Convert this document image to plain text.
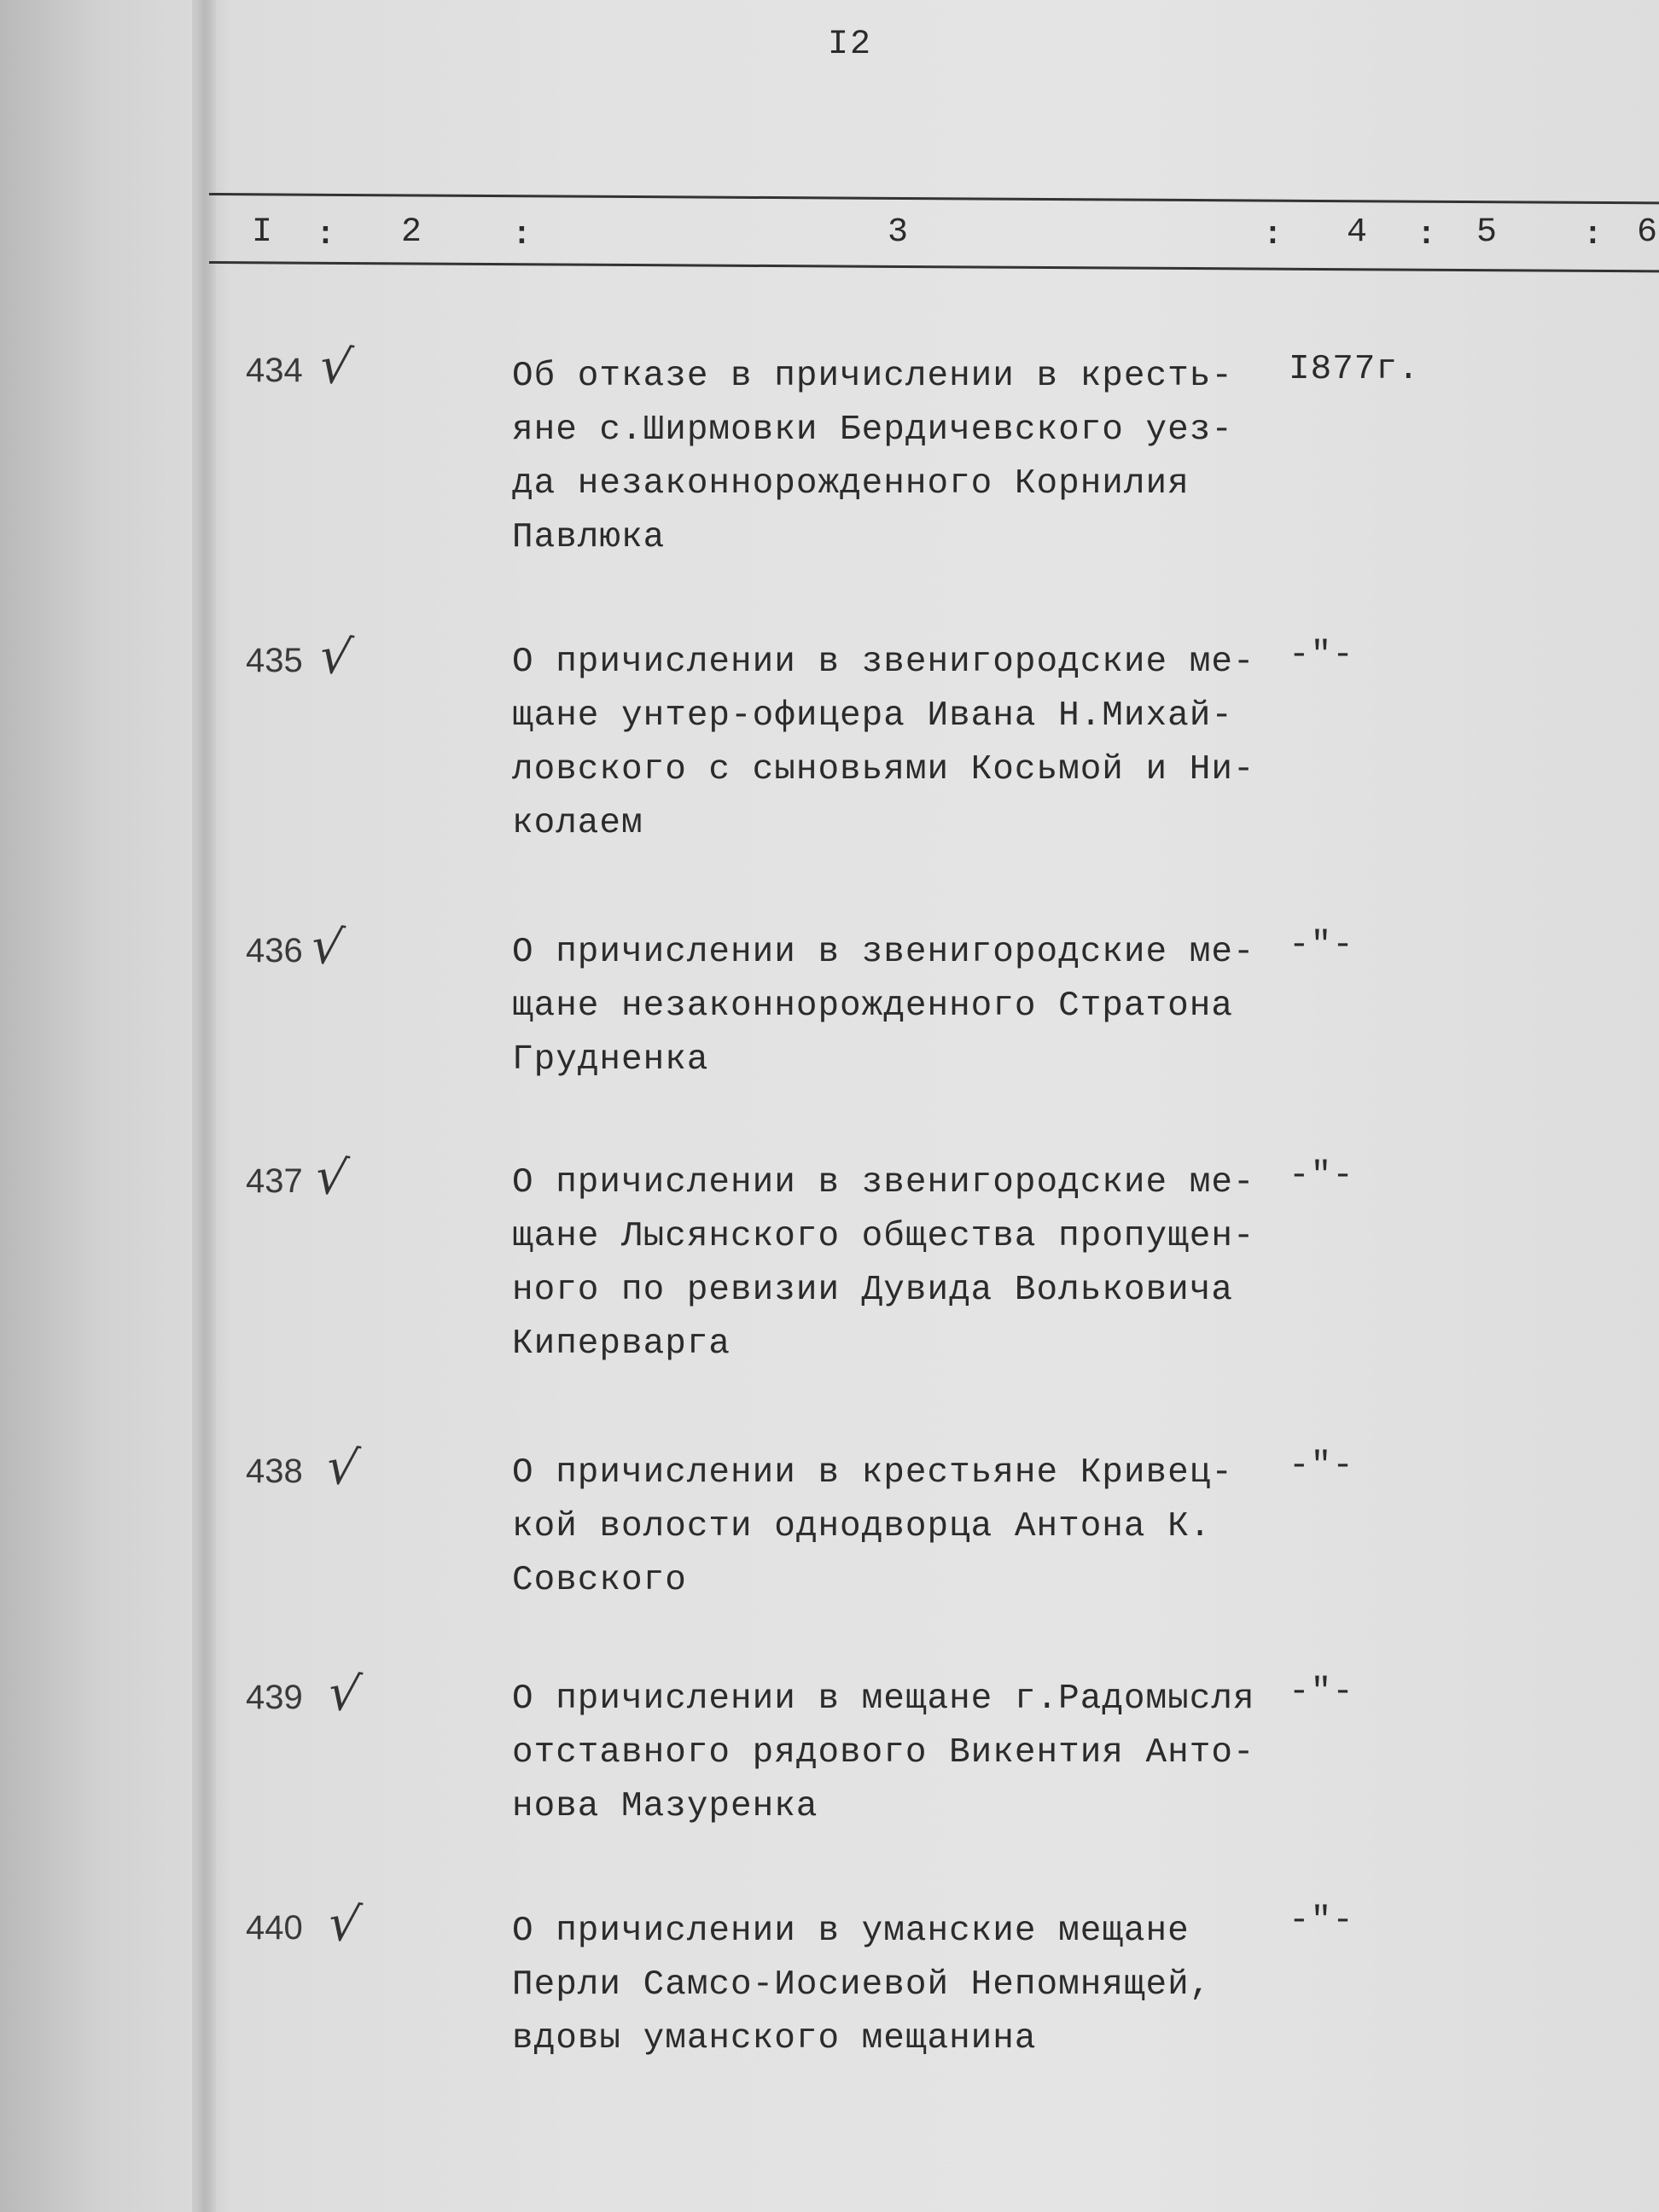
I2
I : 2	:	3	: 4 : 5	: 6
434 √	Об отказе в причислении в кресть-
яне с.Ширмовки Бердичевского уез-
да незаконнорожденного Корнилия
Павлюка
I877г.
435 √	О причислении в звенигородские ме-
щане унтер-офицера Ивана Н.Михай-
ловского с сыновьями Косьмой и Ни-
колаем
-"-
436 √	О причислении в звенигородские ме-
щане незаконнорожденного Стратона
Грудненка
-"-
437 √	О причислении в звенигородские ме-
щане Лысянского общества пропущен-
ного по ревизии Дувида Вольковича
Киперварга
-"-
438 √	О причислении в крестьяне Кривец-
кой волости однодворца Антона К.
Совского
-"-
439 √	О причислении в мещане г.Радомысля
отставного рядового Викентия Анто-
нова Мазуренка
-"-
440 √	О причислении в уманские мещане
Перли Самсо-Иосиевой Непомнящей,
вдовы уманского мещанина
-"-
